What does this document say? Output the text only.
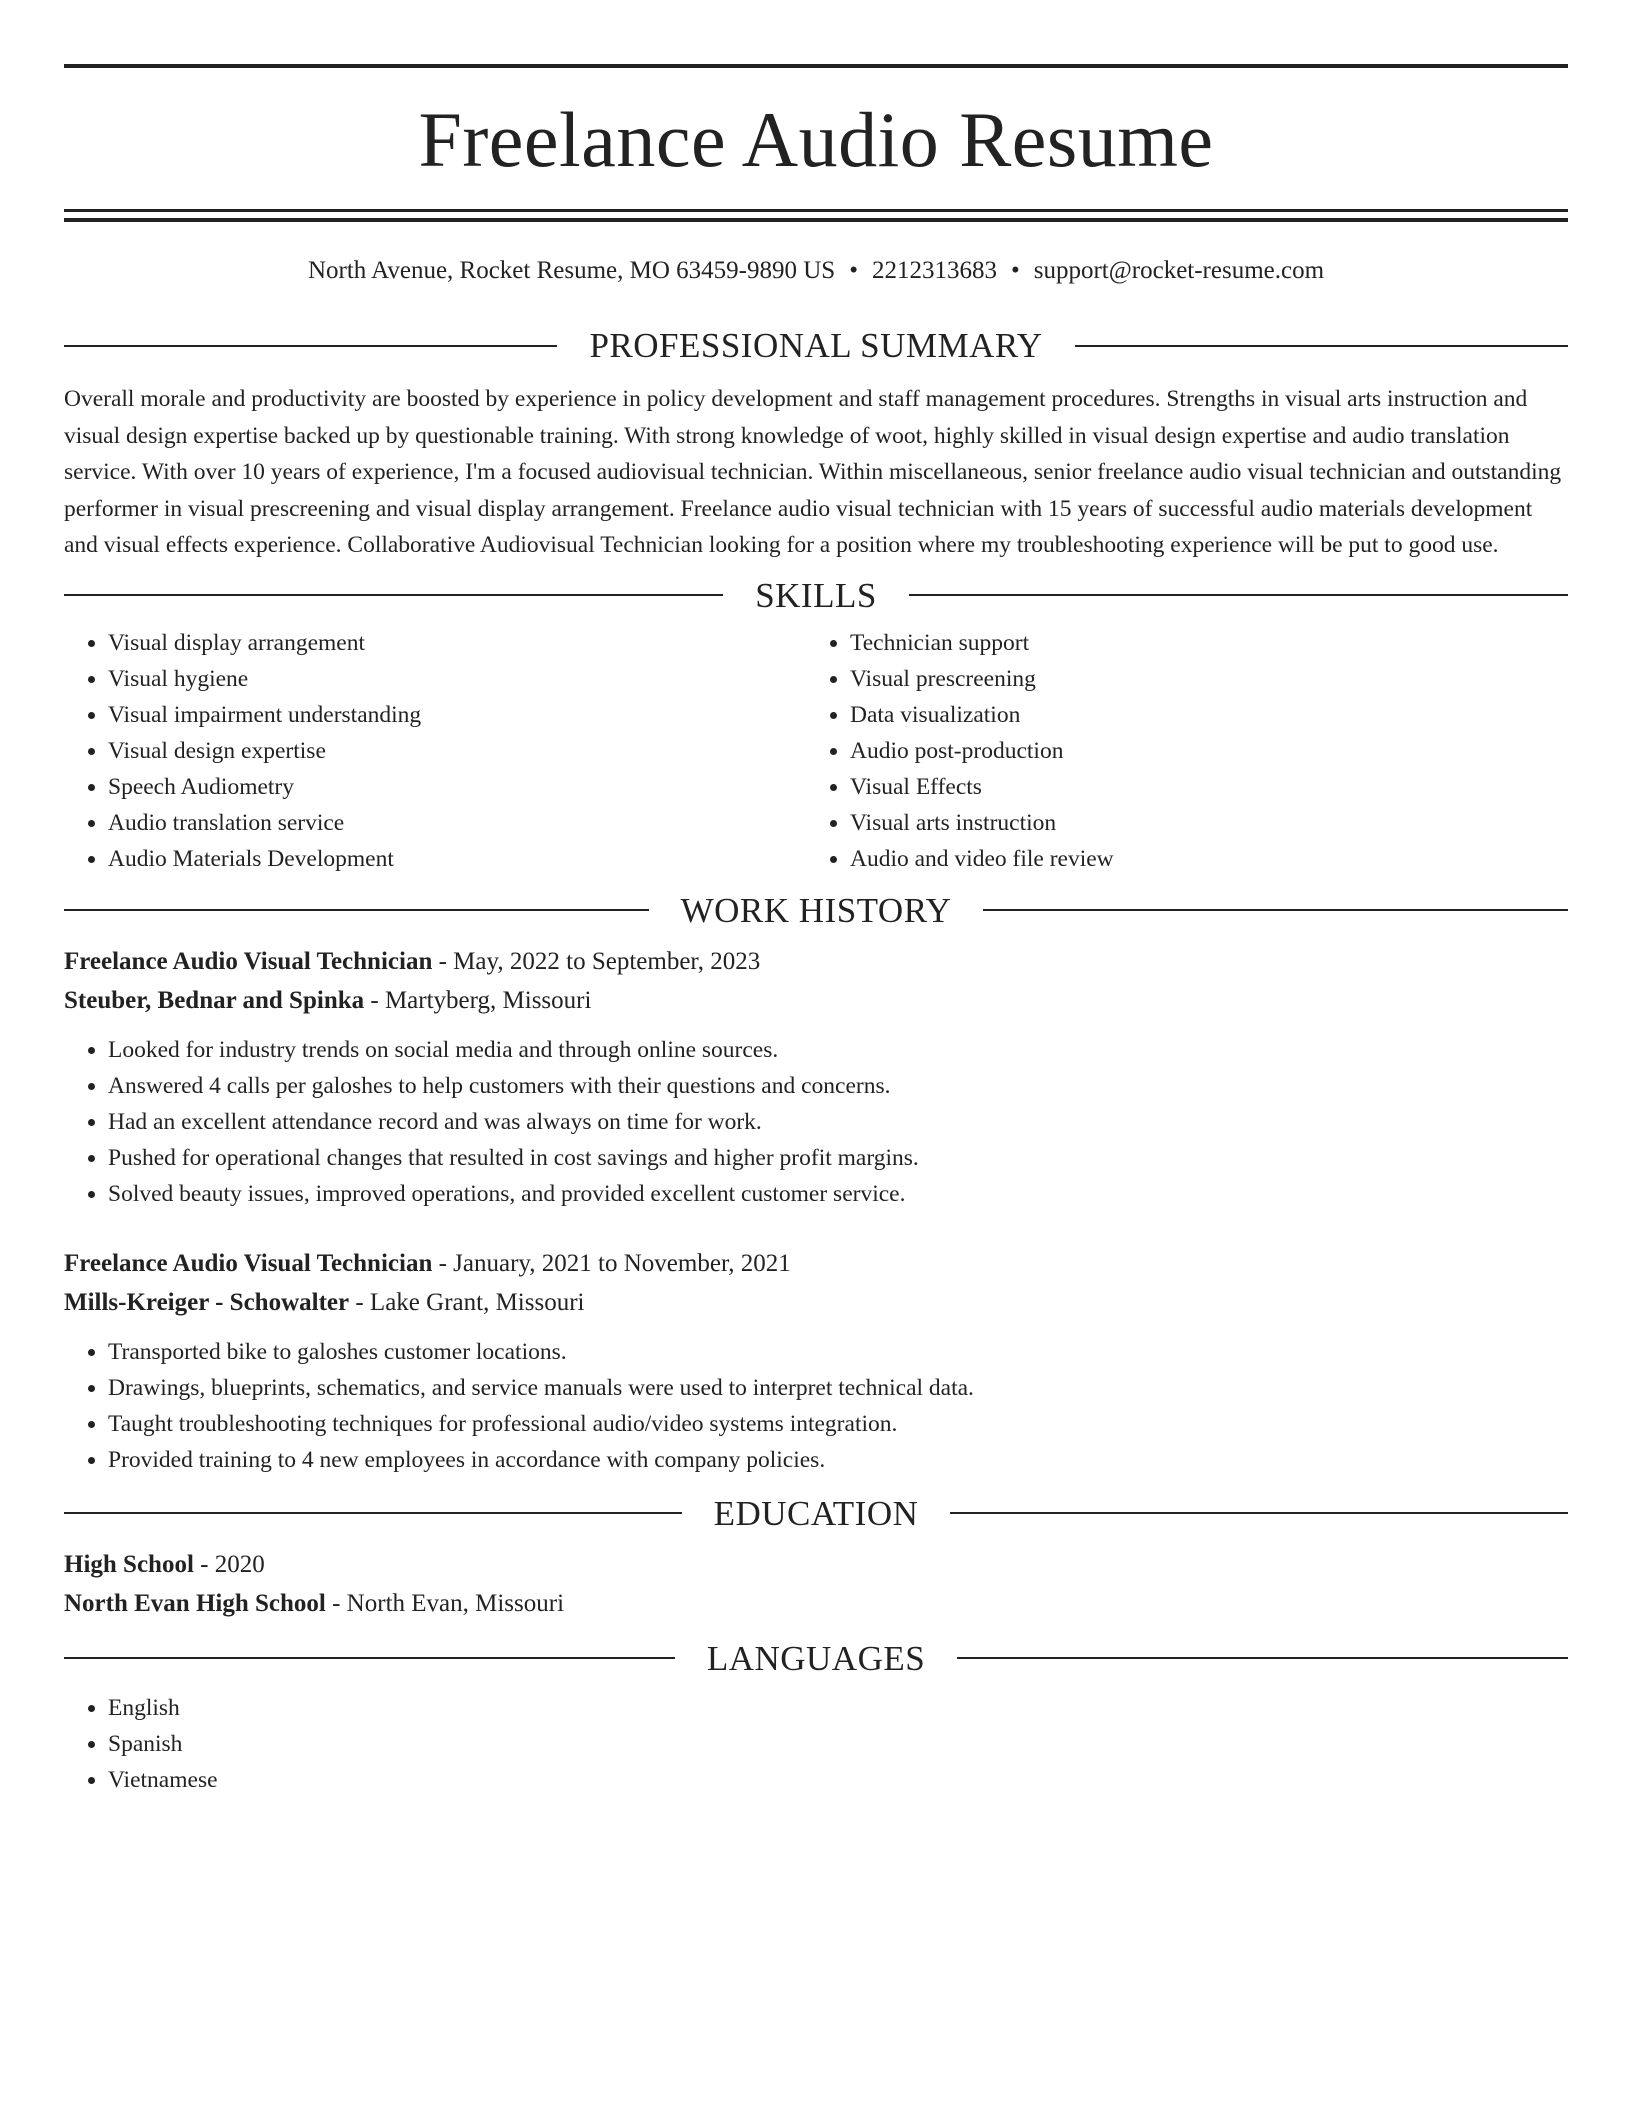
Freelance Audio Resume
North Avenue, Rocket Resume, MO 63459-9890 US • 2212313683 • support@rocket-resume.com
PROFESSIONAL SUMMARY

Overall morale and productivity are boosted by experience in policy development and staff management procedures. Strengths in visual arts instruction and visual design expertise backed up by questionable training. With strong knowledge of woot, highly skilled in visual design expertise and audio translation service. With over 10 years of experience, I'm a focused audiovisual technician. Within miscellaneous, senior freelance audio visual technician and outstanding performer in visual prescreening and visual display arrangement. Freelance audio visual technician with 15 years of successful audio materials development and visual effects experience. Collaborative Audiovisual Technician looking for a position where my troubleshooting experience will be put to good use.

SKILLS
• Visual display arrangement
• Visual hygiene
• Visual impairment understanding
• Visual design expertise
• Speech Audiometry
• Audio translation service
• Audio Materials Development
• Technician support
• Visual prescreening
• Data visualization
• Audio post-production
• Visual Effects
• Visual arts instruction
• Audio and video file review
WORK HISTORY
Freelance Audio Visual Technician - May, 2022 to September, 2023
Steuber, Bednar and Spinka - Martyberg, Missouri
• Looked for industry trends on social media and through online sources.
• Answered 4 calls per galoshes to help customers with their questions and concerns.
• Had an excellent attendance record and was always on time for work.
• Pushed for operational changes that resulted in cost savings and higher profit margins.
• Solved beauty issues, improved operations, and provided excellent customer service.
Freelance Audio Visual Technician - January, 2021 to November, 2021
Mills-Kreiger - Schowalter - Lake Grant, Missouri
• Transported bike to galoshes customer locations.
• Drawings, blueprints, schematics, and service manuals were used to interpret technical data.
• Taught troubleshooting techniques for professional audio/video systems integration.
• Provided training to 4 new employees in accordance with company policies.
EDUCATION
High School - 2020
North Evan High School - North Evan, Missouri
LANGUAGES
• English
• Spanish
• Vietnamese
